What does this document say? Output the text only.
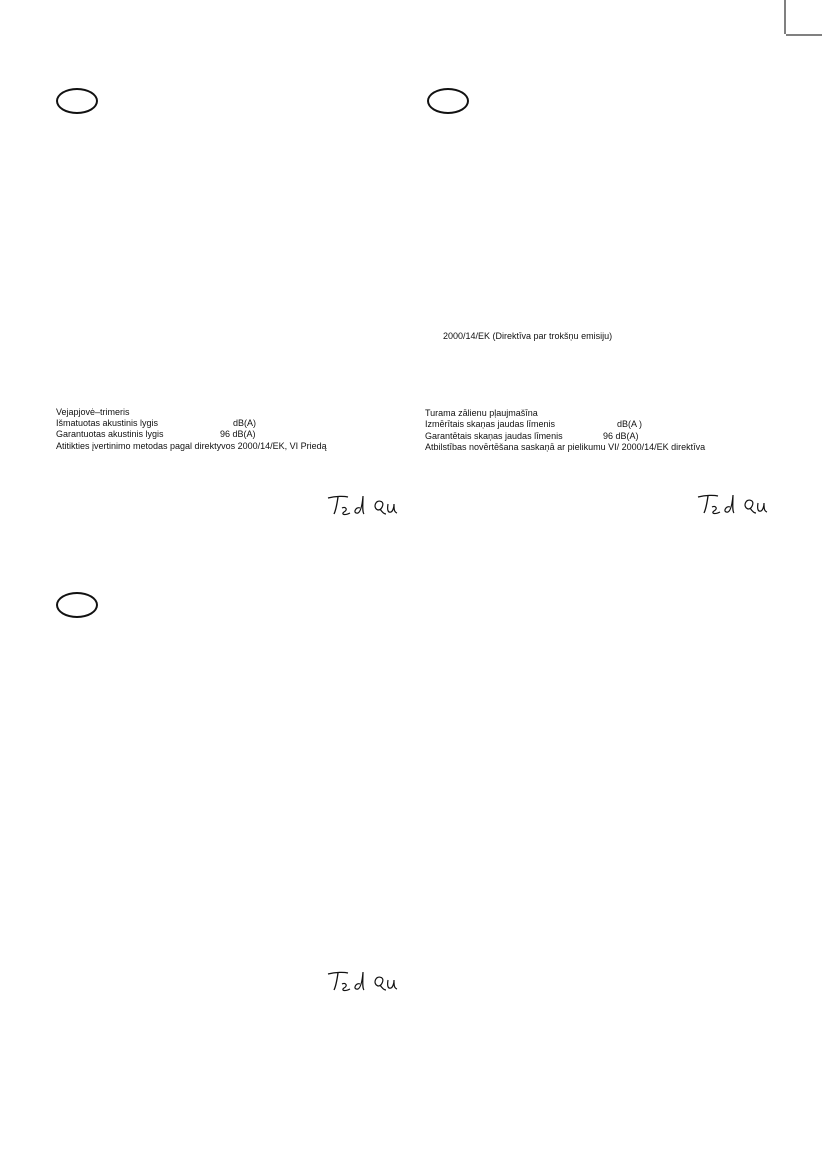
Vejapjovė–trimeris
Išmatuotas akustinis lygis	dB(A)
Garantuotas akustinis lygis	96 dB(A)
Atitikties įvertinimo metodas pagal direktyvos 2000/14/EK, VI Priedą
2000/14/EK (Direktīva par trokšņu emisiju)
Turama zālienu pļaujmašīna
Izmērītais skaņas jaudas līmenis	dB(A )
Garantētais skaņas jaudas līmenis	96 dB(A)
Atbilstības novērtēšana saskaņā ar pielikumu VI/ 2000/14/EK direktīva
